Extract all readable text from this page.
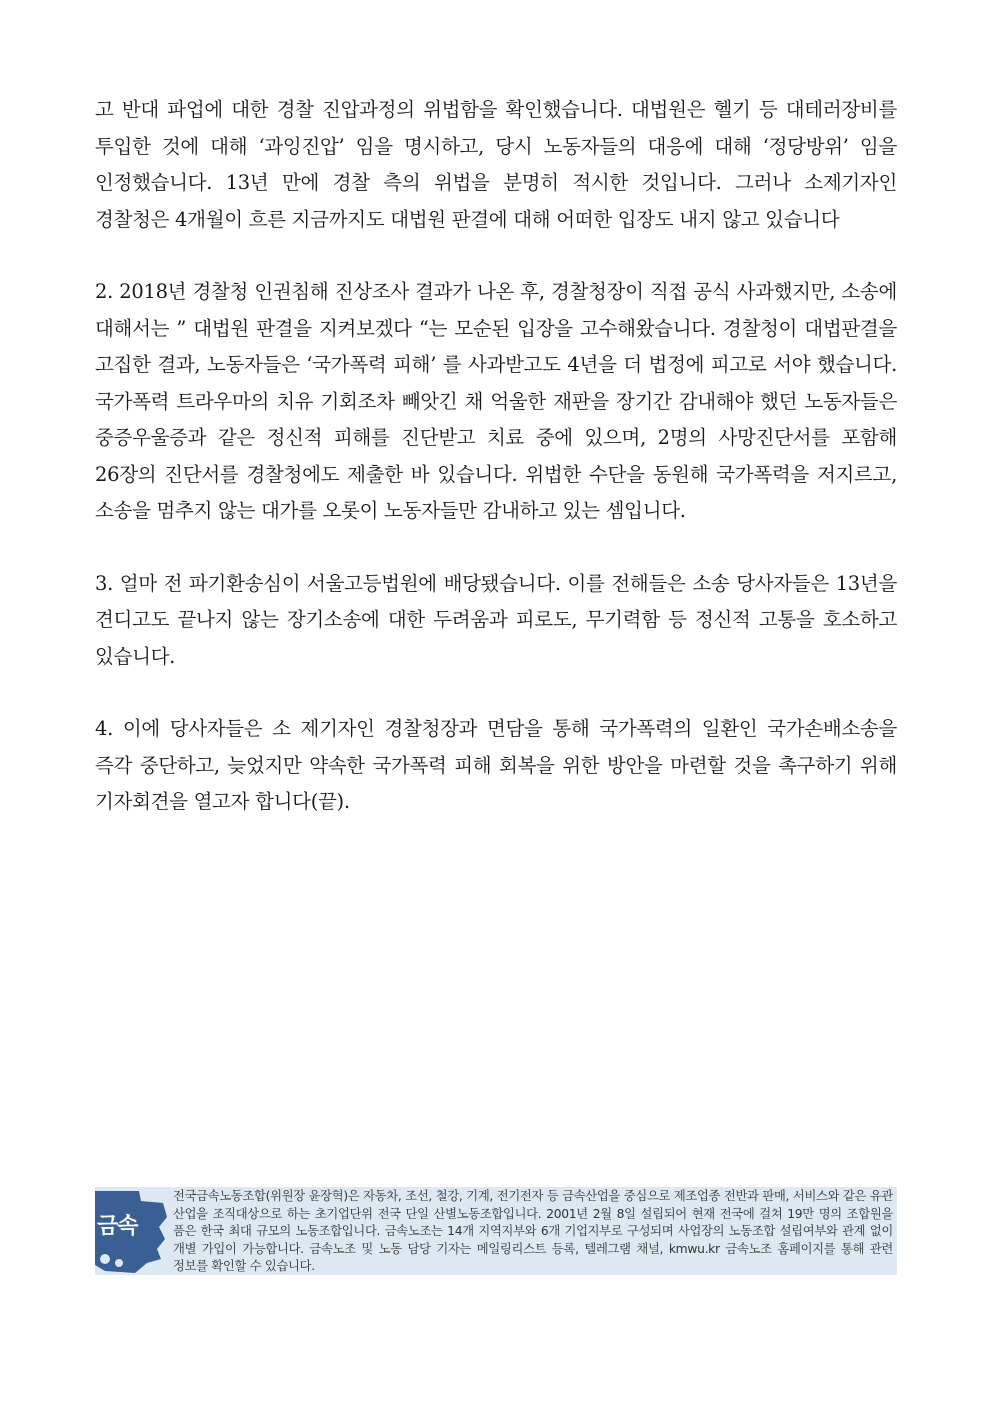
고 반대 파업에 대한 경찰 진압과정의 위법함을 확인했습니다. 대법원은 헬기 등 대테러장비를 투입한 것에 대해 ‘과잉진압’ 임을 명시하고, 당시 노동자들의 대응에 대해 ‘정당방위’ 임을 인정했습니다. 13년 만에 경찰 측의 위법을 분명히 적시한 것입니다. 그러나 소제기자인 경찰청은 4개월이 흐른 지금까지도 대법원 판결에 대해 어떠한 입장도 내지 않고 있습니다

2. 2018년 경찰청 인권침해 진상조사 결과가 나온 후, 경찰청장이 직접 공식 사과했지만, 소송에 대해서는 ” 대법원 판결을 지켜보겠다 “는 모순된 입장을 고수해왔습니다. 경찰청이 대법판결을 고집한 결과, 노동자들은 ‘국가폭력 피해’ 를 사과받고도 4년을 더 법정에 피고로 서야 했습니다. 국가폭력 트라우마의 치유 기회조차 빼앗긴 채 억울한 재판을 장기간 감내해야 했던 노동자들은 중증우울증과 같은 정신적 피해를 진단받고 치료 중에 있으며, 2명의 사망진단서를 포함해 26장의 진단서를 경찰청에도 제출한 바 있습니다. 위법한 수단을 동원해 국가폭력을 저지르고, 소송을 멈추지 않는 대가를 오롯이 노동자들만 감내하고 있는 셈입니다.

3. 얼마 전 파기환송심이 서울고등법원에 배당됐습니다. 이를 전해들은 소송 당사자들은 13년을 견디고도 끝나지 않는 장기소송에 대한 두려움과 피로도, 무기력함 등 정신적 고통을 호소하고 있습니다.

4. 이에 당사자들은 소 제기자인 경찰청장과 면담을 통해 국가폭력의 일환인 국가손배소송을 즉각 중단하고, 늦었지만 약속한 국가폭력 피해 회복을 위한 방안을 마련할 것을 촉구하기 위해 기자회견을 열고자 합니다(끝).

금속
전국금속노동조합(위원장 윤장혁)은 자동차, 조선, 철강, 기계, 전기전자 등 금속산업을 중심으로 제조업종 전반과 판매, 서비스와 같은 유관 산업을 조직대상으로 하는 초기업단위 전국 단일 산별노동조합입니다. 2001년 2월 8일 설립되어 현재 전국에 걸쳐 19만 명의 조합원을 품은 한국 최대 규모의 노동조합입니다. 금속노조는 14개 지역지부와 6개 기업지부로 구성되며 사업장의 노동조합 설립여부와 관계 없이 개별 가입이 가능합니다. 금속노조 및 노동 담당 기자는 메일링리스트 등록, 텔레그램 채널, kmwu.kr 금속노조 홈페이지를 통해 관련 정보를 확인할 수 있습니다.
